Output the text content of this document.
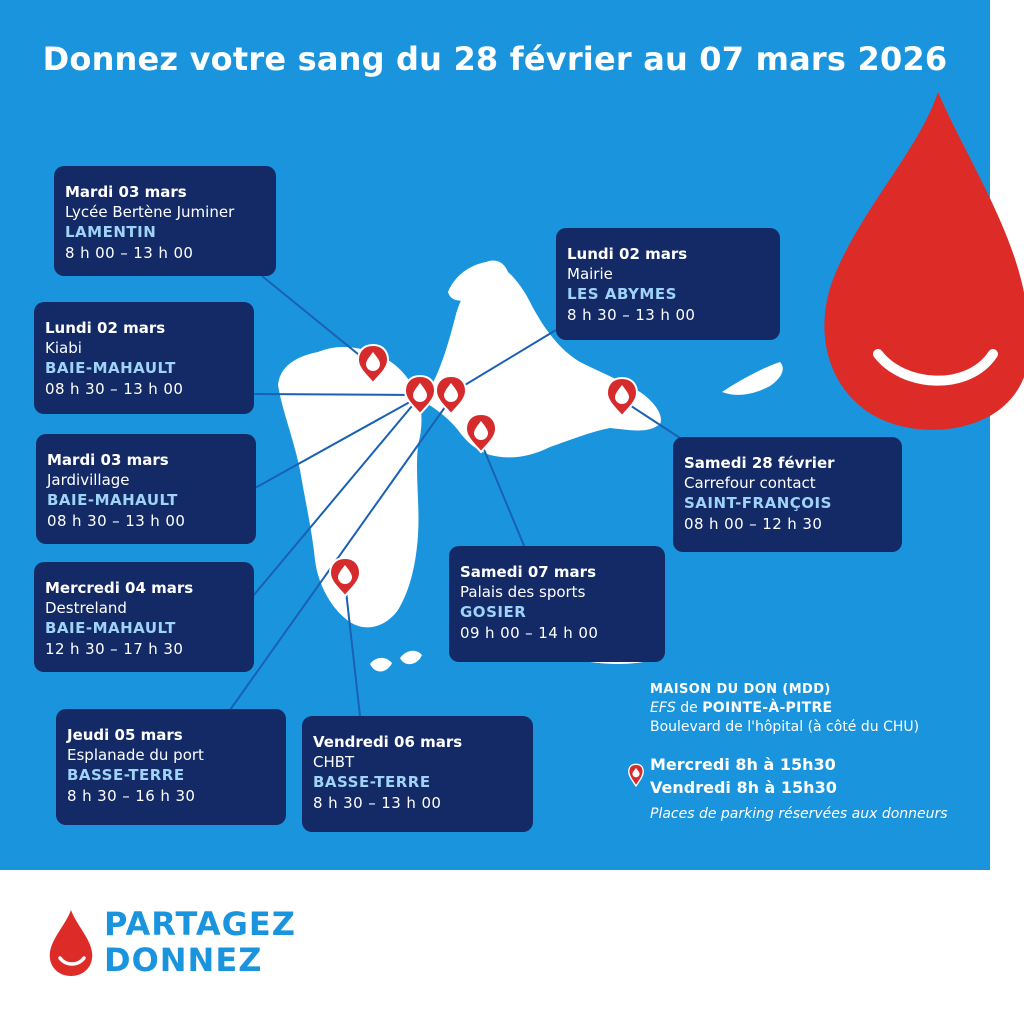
Donnez votre sang du 28 février au 07 mars 2026
Mardi 03 mars
Lycée Bertène Juminer
LAMENTIN
8 h 00 – 13 h 00
Lundi 02 mars
Kiabi
BAIE-MAHAULT
08 h 30 – 13 h 00
Mardi 03 mars
Jardivillage
BAIE-MAHAULT
08 h 30 – 13 h 00
Mercredi 04 mars
Destreland
BAIE-MAHAULT
12 h 30 – 17 h 30
Jeudi 05 mars
Esplanade du port
BASSE-TERRE
8 h 30 – 16 h 30
Vendredi 06 mars
CHBT
BASSE-TERRE
8 h 30 – 13 h 00
Samedi 07 mars
Palais des sports
GOSIER
09 h 00 – 14 h 00
Lundi 02 mars
Mairie
LES ABYMES
8 h 30 – 13 h 00
Samedi 28 février
Carrefour contact
SAINT-FRANÇOIS
08 h 00 – 12 h 30
MAISON DU DON (MDD)
EFS de POINTE-À-PITRE
Boulevard de l'hôpital (à côté du CHU)
Mercredi 8h à 15h30
Vendredi 8h à 15h30
Places de parking réservées aux donneurs
PARTAGEZ
DONNEZ
